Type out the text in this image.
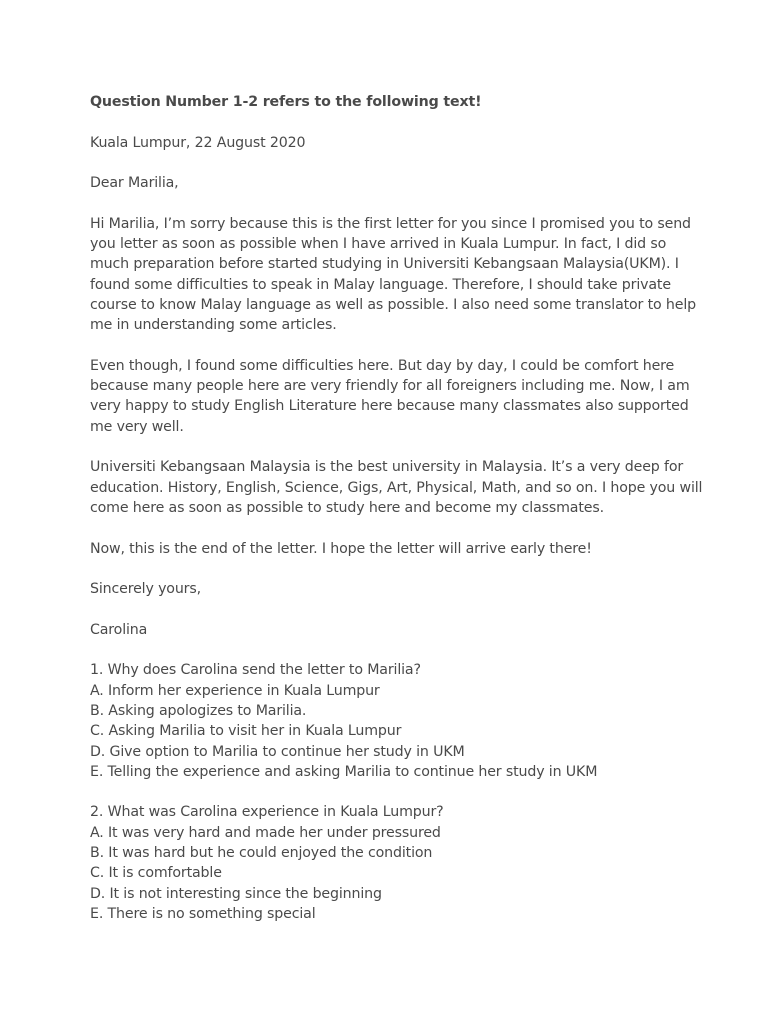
Question Number 1-2 refers to the following text!
Kuala Lumpur, 22 August 2020
Dear Marilia,
Hi Marilia, I’m sorry because this is the first letter for you since I promised you to send
you letter as soon as possible when I have arrived in Kuala Lumpur. In fact, I did so
much preparation before started studying in Universiti Kebangsaan Malaysia(UKM). I
found some difficulties to speak in Malay language. Therefore, I should take private
course to know Malay language as well as possible. I also need some translator to help
me in understanding some articles.
Even though, I found some difficulties here. But day by day, I could be comfort here
because many people here are very friendly for all foreigners including me. Now, I am
very happy to study English Literature here because many classmates also supported
me very well.
Universiti Kebangsaan Malaysia is the best university in Malaysia. It’s a very deep for
education. History, English, Science, Gigs, Art, Physical, Math, and so on. I hope you will
come here as soon as possible to study here and become my classmates.
Now, this is the end of the letter. I hope the letter will arrive early there!
Sincerely yours,
Carolina
1. Why does Carolina send the letter to Marilia?
A. Inform her experience in Kuala Lumpur
B. Asking apologizes to Marilia.
C. Asking Marilia to visit her in Kuala Lumpur
D. Give option to Marilia to continue her study in UKM
E. Telling the experience and asking Marilia to continue her study in UKM
2. What was Carolina experience in Kuala Lumpur?
A. It was very hard and made her under pressured
B. It was hard but he could enjoyed the condition
C. It is comfortable
D. It is not interesting since the beginning
E. There is no something special
